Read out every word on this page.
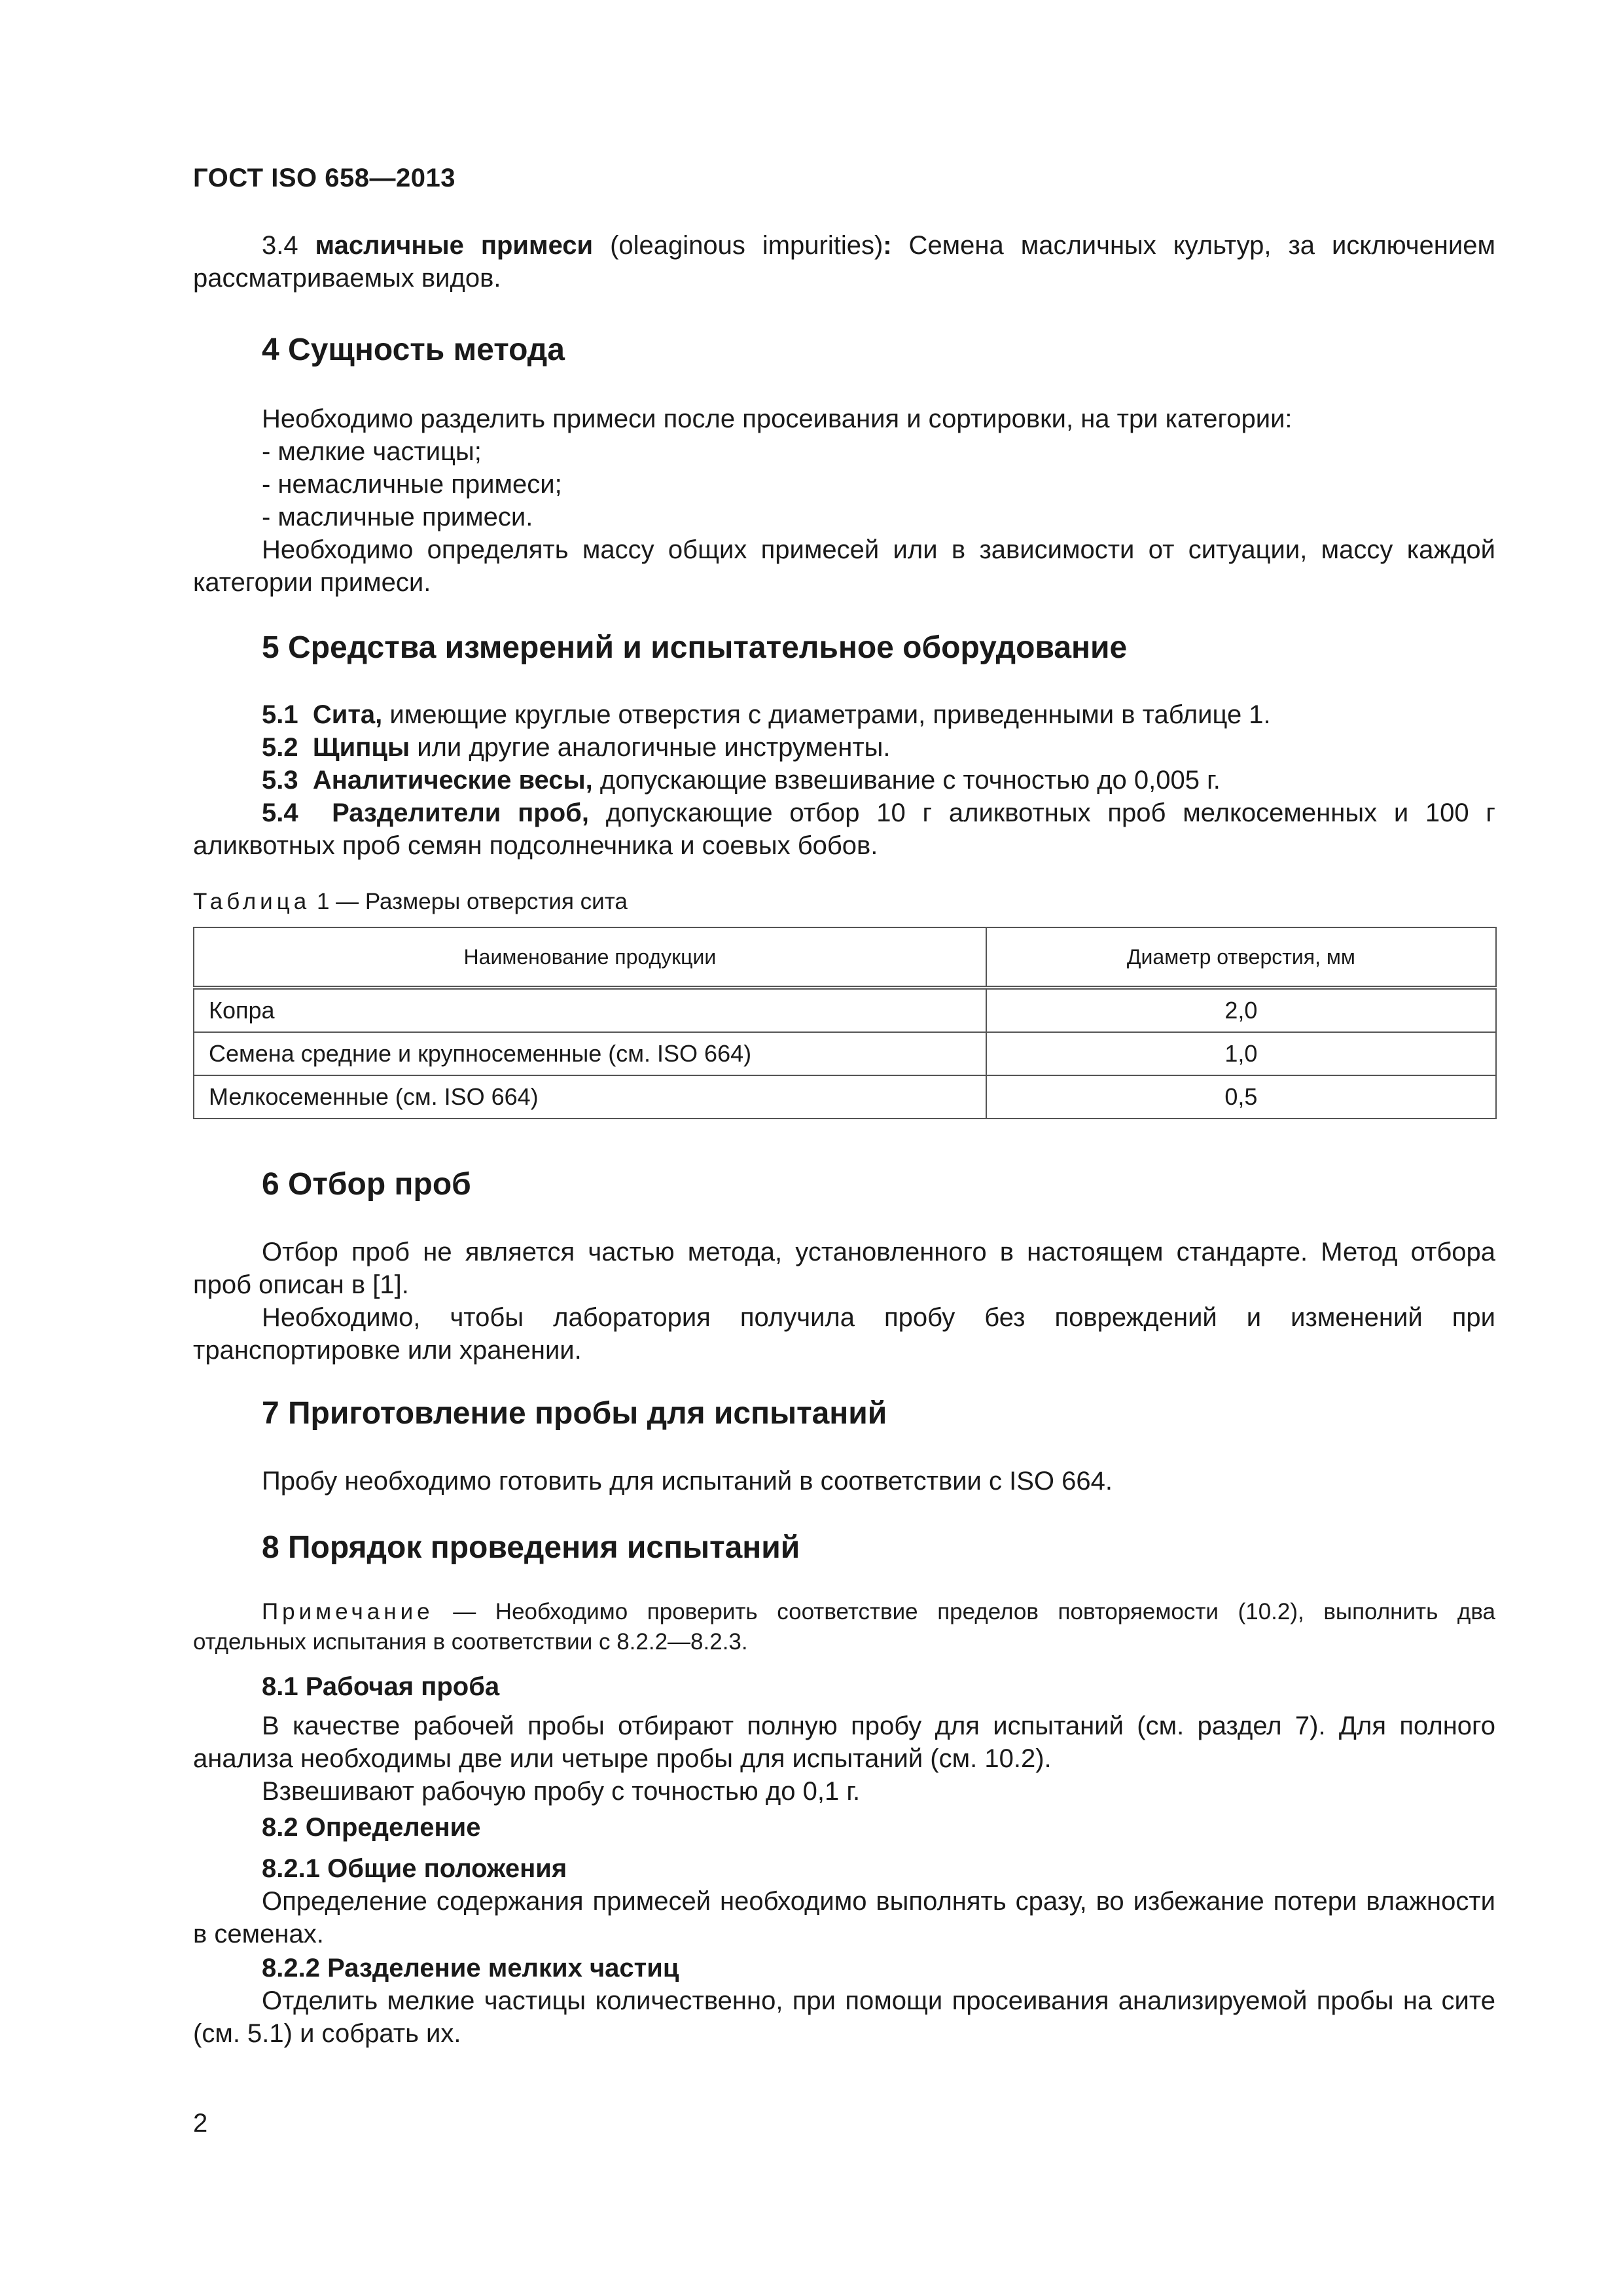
ГОСТ ISO 658—2013

3.4 масличные примеси (oleaginous impurities): Семена масличных культур, за исключением рассматриваемых видов.

4 Сущность метода

Необходимо разделить примеси после просеивания и сортировки, на три категории:

- мелкие частицы;

- немасличные примеси;

- масличные примеси.

Необходимо определять массу общих примесей или в зависимости от ситуации, массу каждой категории примеси.

5 Средства измерений и испытательное оборудование

5.1 Сита, имеющие круглые отверстия с диаметрами, приведенными в таблице 1.

5.2 Щипцы или другие аналогичные инструменты.

5.3 Аналитические весы, допускающие взвешивание с точностью до 0,005 г.

5.4 Разделители проб, допускающие отбор 10 г аликвотных проб мелкосеменных и 100 г аликвотных проб семян подсолнечника и соевых бобов.

Таблица 1 — Размеры отверстия сита
Наименование продукции	Диаметр отверстия, мм
Копра	2,0
Семена средние и крупносеменные (см. ISO 664)	1,0
Мелкосеменные (см. ISO 664)	0,5
6 Отбор проб

Отбор проб не является частью метода, установленного в настоящем стандарте. Метод отбора проб описан в [1].

Необходимо, чтобы лаборатория получила пробу без повреждений и изменений при транспортировке или хранении.

7 Приготовление пробы для испытаний

Пробу необходимо готовить для испытаний в соответствии с ISO 664.

8 Порядок проведения испытаний

Примечание — Необходимо проверить соответствие пределов повторяемости (10.2), выполнить два отдельных испытания в соответствии с 8.2.2—8.2.3.

8.1 Рабочая проба

В качестве рабочей пробы отбирают полную пробу для испытаний (см. раздел 7). Для полного анализа необходимы две или четыре пробы для испытаний (см. 10.2).

Взвешивают рабочую пробу с точностью до 0,1 г.

8.2 Определение
8.2.1 Общие положения

Определение содержания примесей необходимо выполнять сразу, во избежание потери влажности в семенах.

8.2.2 Разделение мелких частиц

Отделить мелкие частицы количественно, при помощи просеивания анализируемой пробы на сите (см. 5.1) и собрать их.

2
